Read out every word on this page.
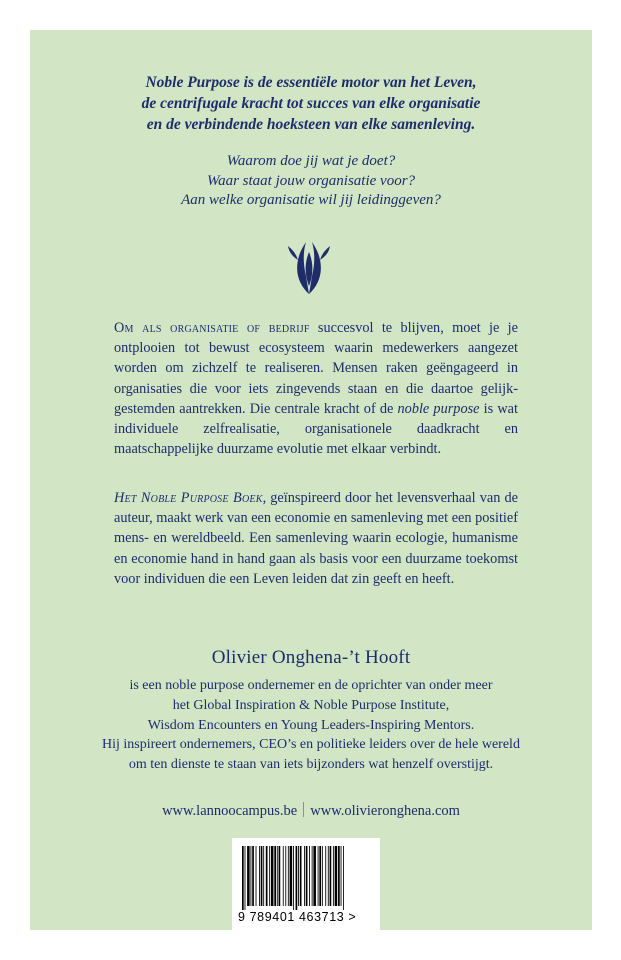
Noble Purpose is de essentiële motor van het Leven,
de centrifugale kracht tot succes van elke organisatie
en de verbindende hoeksteen van elke samenleving.

Waarom doe jij wat je doet?
Waar staat jouw organisatie voor?
Aan welke organisatie wil jij leidinggeven?

Om als organisatie of bedrijf succesvol te blijven, moet je je ontplooien tot bewust ecosysteem waarin medewerkers aangezet worden om zichzelf te realiseren. Mensen raken geëngageerd in organisaties die voor iets zingevends staan en die daartoe gelijk-gestemden aantrekken. Die centrale kracht of de noble purpose is wat individuele zelfrealisatie, organisationele daadkracht en maatschappelijke duurzame evolutie met elkaar verbindt.

Het Noble Purpose Boek, geïnspireerd door het levensverhaal van de auteur, maakt werk van een economie en samenleving met een positief mens- en wereldbeeld. Een samenleving waarin ecologie, humanisme en economie hand in hand gaan als basis voor een duurzame toekomst voor individuen die een Leven leiden dat zin geeft en heeft.

Olivier Onghena-’t Hooft

is een noble purpose ondernemer en de oprichter van onder meer
het Global Inspiration & Noble Purpose Institute,
Wisdom Encounters en Young Leaders-Inspiring Mentors.
Hij inspireert ondernemers, CEO’s en politieke leiders over de hele wereld
om ten dienste te staan van iets bijzonders wat henzelf overstijgt.

www.lannoocampus.be www.olivieronghena.com

9 789401 463713 >
